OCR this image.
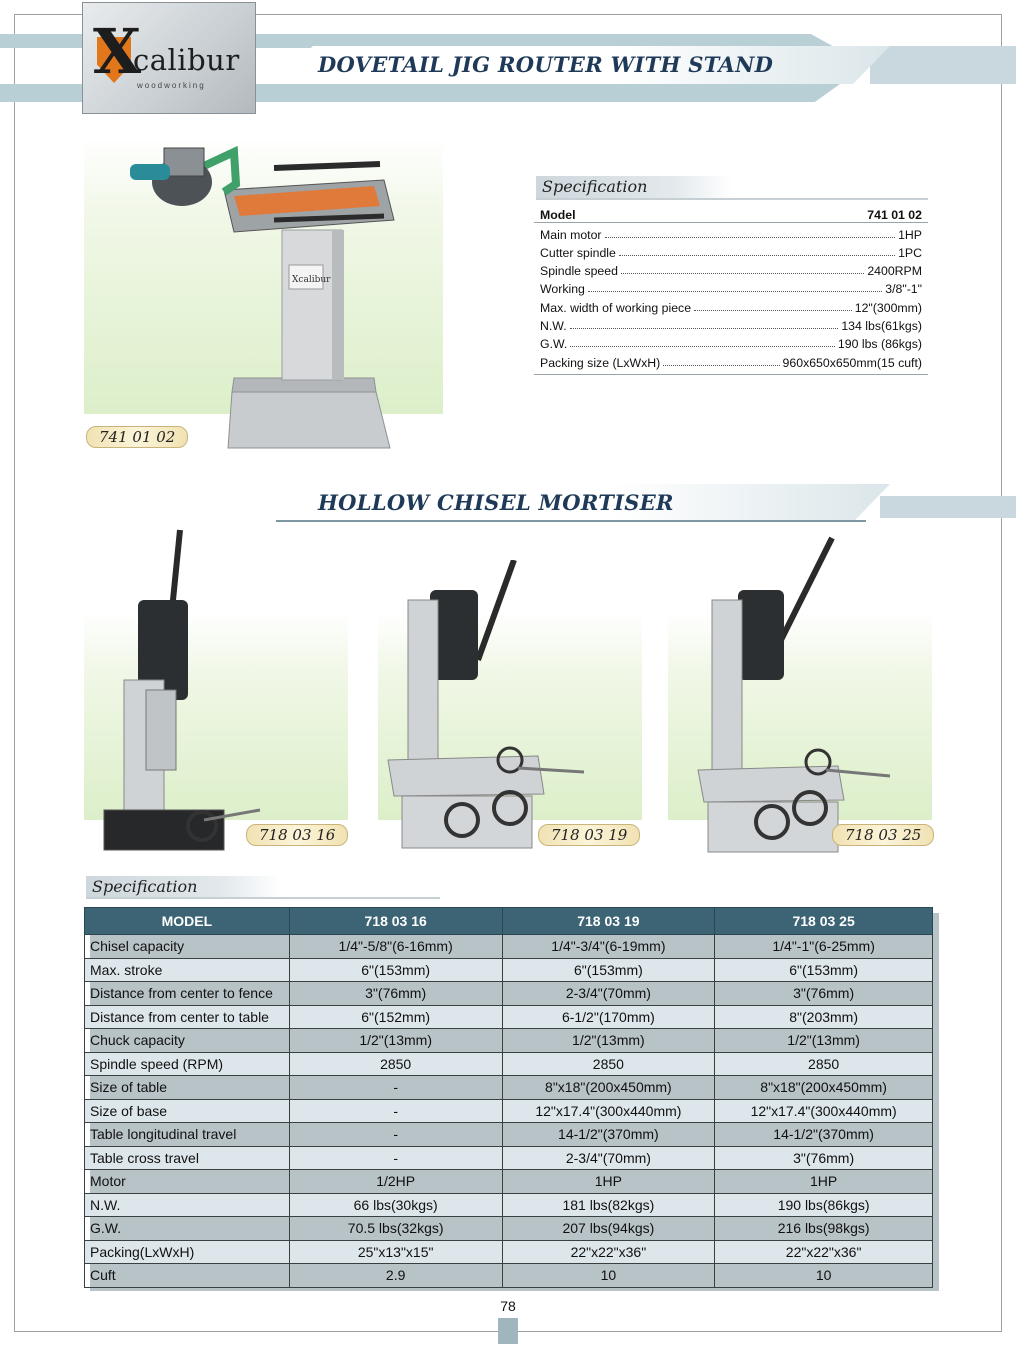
DOVETAIL JIG ROUTER WITH STAND
X
calibur
woodworking
Xcalibur
741 01 02
Specification
Model	741 01 02
Main motor	1HP
Cutter spindle	1PC
Spindle speed	2400RPM
Working	3/8"-1"
Max. width of working piece	12"(300mm)
N.W.	134 lbs(61kgs)
G.W.	190 lbs (86kgs)
Packing size (LxWxH)	960x650x650mm(15 cuft)
HOLLOW CHISEL MORTISER
718 03 16	718 03 19	718 03 25
Specification
MODEL	718 03 16	718 03 19	718 03 25
Chisel capacity	1/4"-5/8"(6-16mm)	1/4"-3/4"(6-19mm)	1/4"-1"(6-25mm)
Max. stroke	6"(153mm)	6"(153mm)	6"(153mm)
Distance from center to fence	3"(76mm)	2-3/4"(70mm)	3"(76mm)
Distance from center to table	6"(152mm)	6-1/2"(170mm)	8"(203mm)
Chuck capacity	1/2"(13mm)	1/2"(13mm)	1/2"(13mm)
Spindle speed (RPM)	2850	2850	2850
Size of table	-	8"x18"(200x450mm)	8"x18"(200x450mm)
Size of base	-	12"x17.4"(300x440mm)	12"x17.4"(300x440mm)
Table longitudinal travel	-	14-1/2"(370mm)	14-1/2"(370mm)
Table cross travel	-	2-3/4"(70mm)	3"(76mm)
Motor	1/2HP	1HP	1HP
N.W.	66 lbs(30kgs)	181 lbs(82kgs)	190 lbs(86kgs)
G.W.	70.5 lbs(32kgs)	207 lbs(94kgs)	216 lbs(98kgs)
Packing(LxWxH)	25"x13"x15"	22"x22"x36"	22"x22"x36"
Cuft	2.9	10	10
78
